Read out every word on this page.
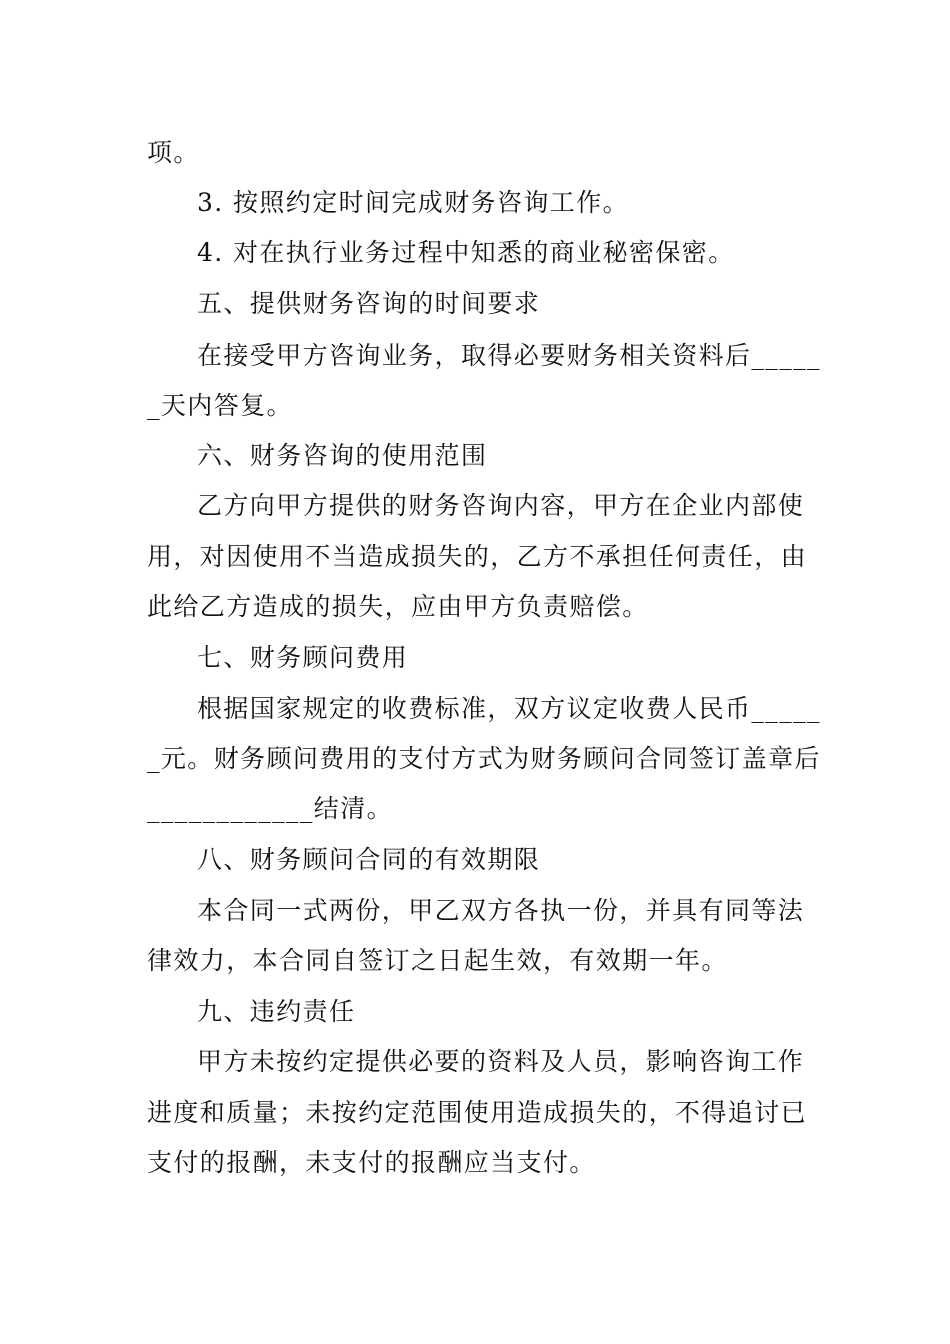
项。
3. 按照约定时间完成财务咨询工作。
4. 对在执行业务过程中知悉的商业秘密保密。
五、提供财务咨询的时间要求
在接受甲方咨询业务，取得必要财务相关资料后_____
_天内答复。
六、财务咨询的使用范围
乙方向甲方提供的财务咨询内容，甲方在企业内部使
用，对因使用不当造成损失的，乙方不承担任何责任，由
此给乙方造成的损失，应由甲方负责赔偿。
七、财务顾问费用
根据国家规定的收费标准，双方议定收费人民币_____
_元。财务顾问费用的支付方式为财务顾问合同签订盖章后
____________结清。
八、财务顾问合同的有效期限
本合同一式两份，甲乙双方各执一份，并具有同等法
律效力，本合同自签订之日起生效，有效期一年。
九、违约责任
甲方未按约定提供必要的资料及人员，影响咨询工作
进度和质量；未按约定范围使用造成损失的，不得追讨已
支付的报酬，未支付的报酬应当支付。
